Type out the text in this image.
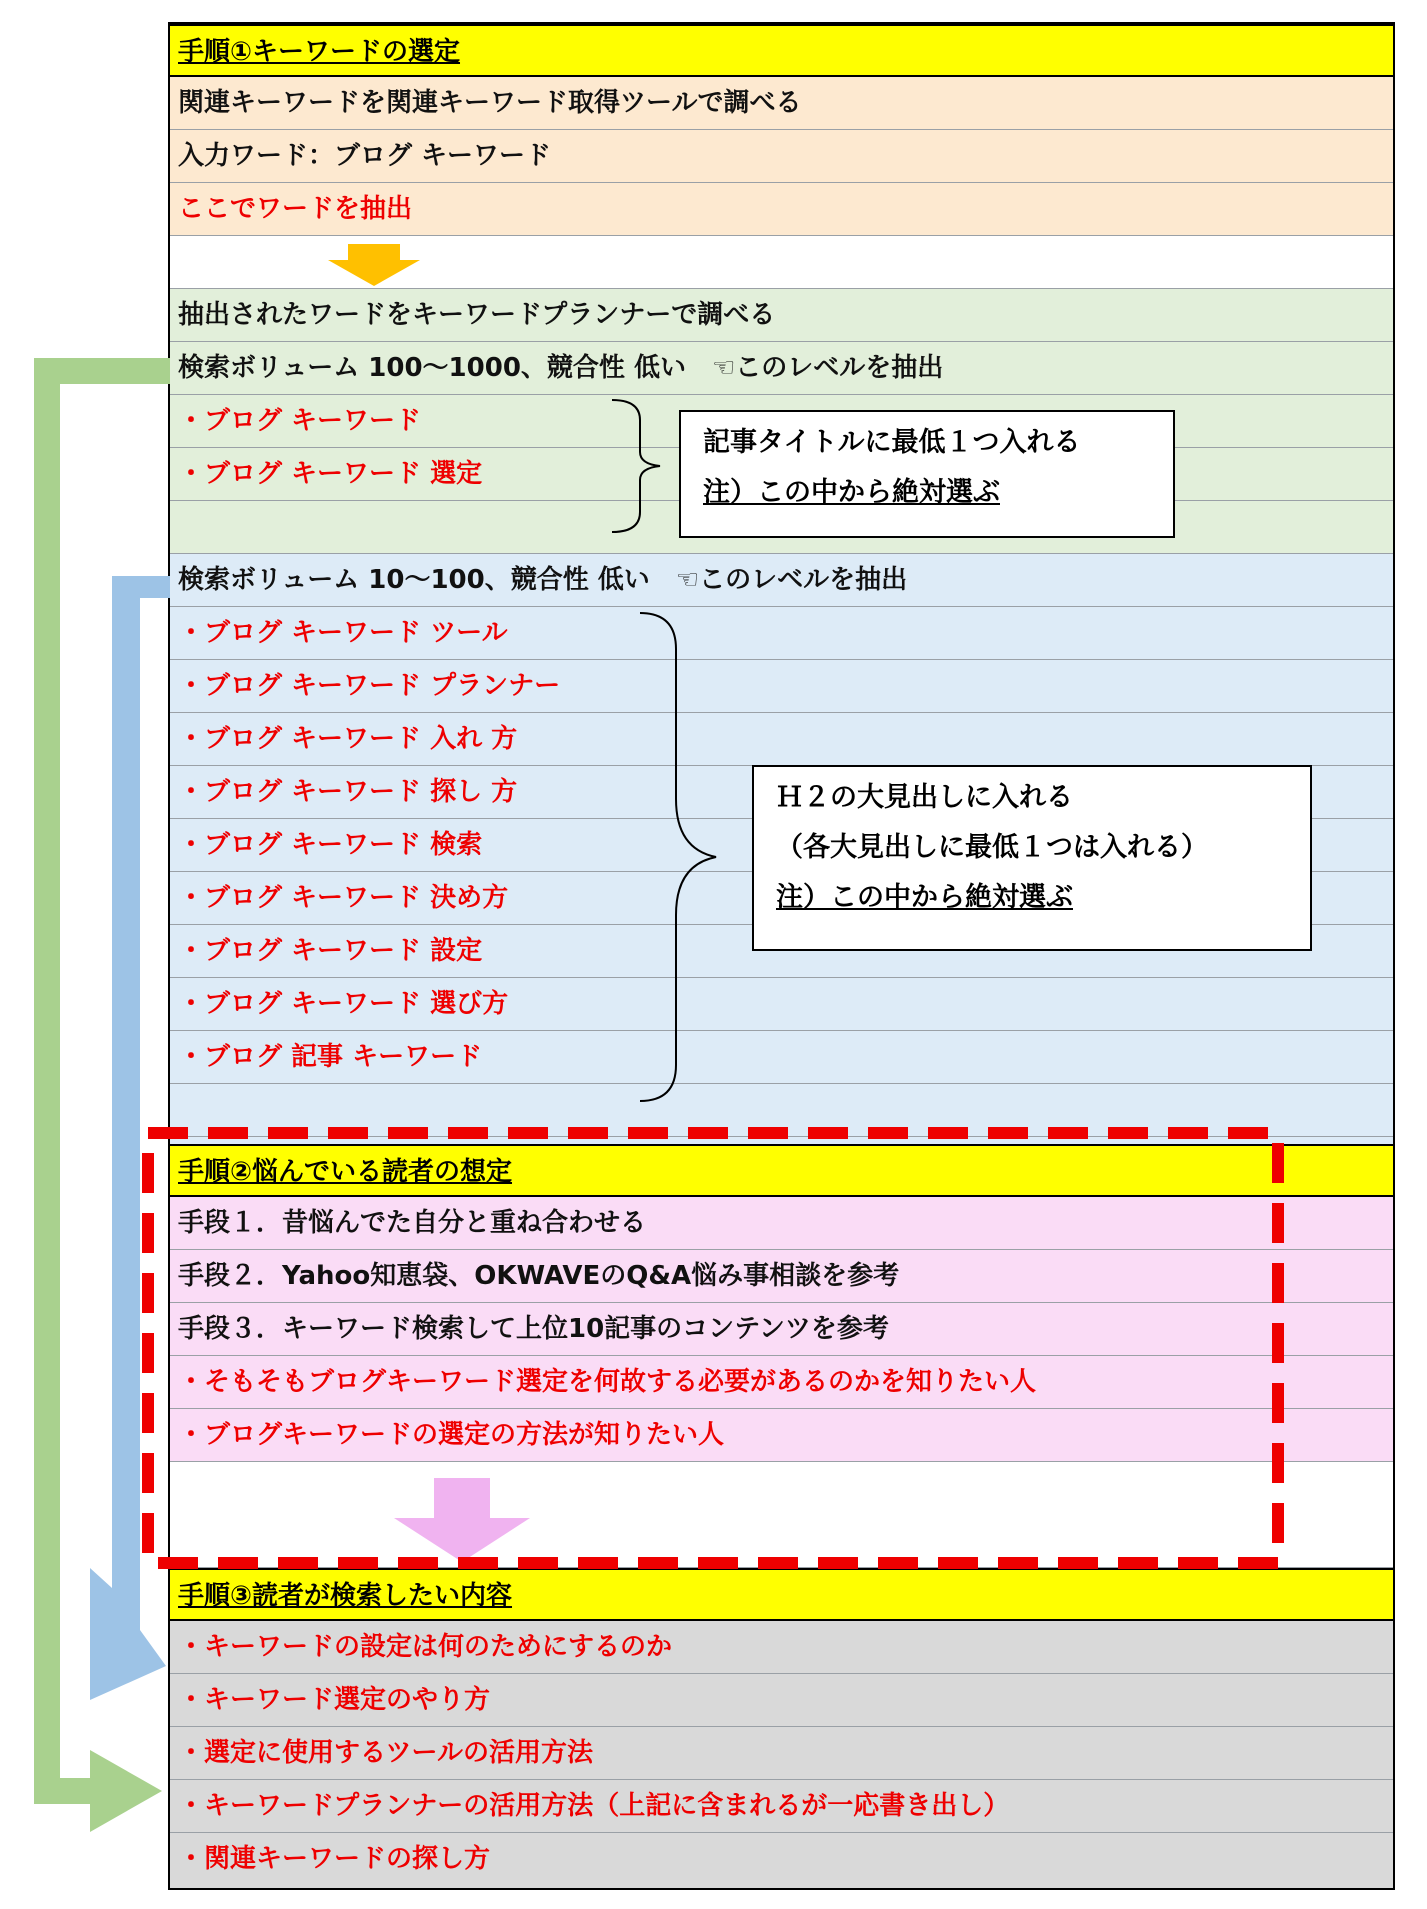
手順①キーワードの選定
関連キーワードを関連キーワード取得ツールで調べる
入力ワード：ブログ キーワード
ここでワードを抽出
抽出されたワードをキーワードプランナーで調べる
検索ボリューム 100～1000、競合性 低い　☜このレベルを抽出
・ブログ キーワード
・ブログ キーワード 選定
検索ボリューム 10～100、競合性 低い　☜このレベルを抽出
・ブログ キーワード ツール
・ブログ キーワード プランナー
・ブログ キーワード 入れ 方
・ブログ キーワード 探し 方
・ブログ キーワード 検索
・ブログ キーワード 決め方
・ブログ キーワード 設定
・ブログ キーワード 選び方
・ブログ 記事 キーワード
手順②悩んでいる読者の想定
手段１．昔悩んでた自分と重ね合わせる
手段２．Yahoo知恵袋、OKWAVEのQ&A悩み事相談を参考
手段３．キーワード検索して上位10記事のコンテンツを参考
・そもそもブログキーワード選定を何故する必要があるのかを知りたい人
・ブログキーワードの選定の方法が知りたい人
手順③読者が検索したい内容
・キーワードの設定は何のためにするのか
・キーワード選定のやり方
・選定に使用するツールの活用方法
・キーワードプランナーの活用方法（上記に含まれるが一応書き出し）
・関連キーワードの探し方
記事タイトルに最低１つ入れる
注）この中から絶対選ぶ
Ｈ２の大見出しに入れる
（各大見出しに最低１つは入れる）
注）この中から絶対選ぶ
